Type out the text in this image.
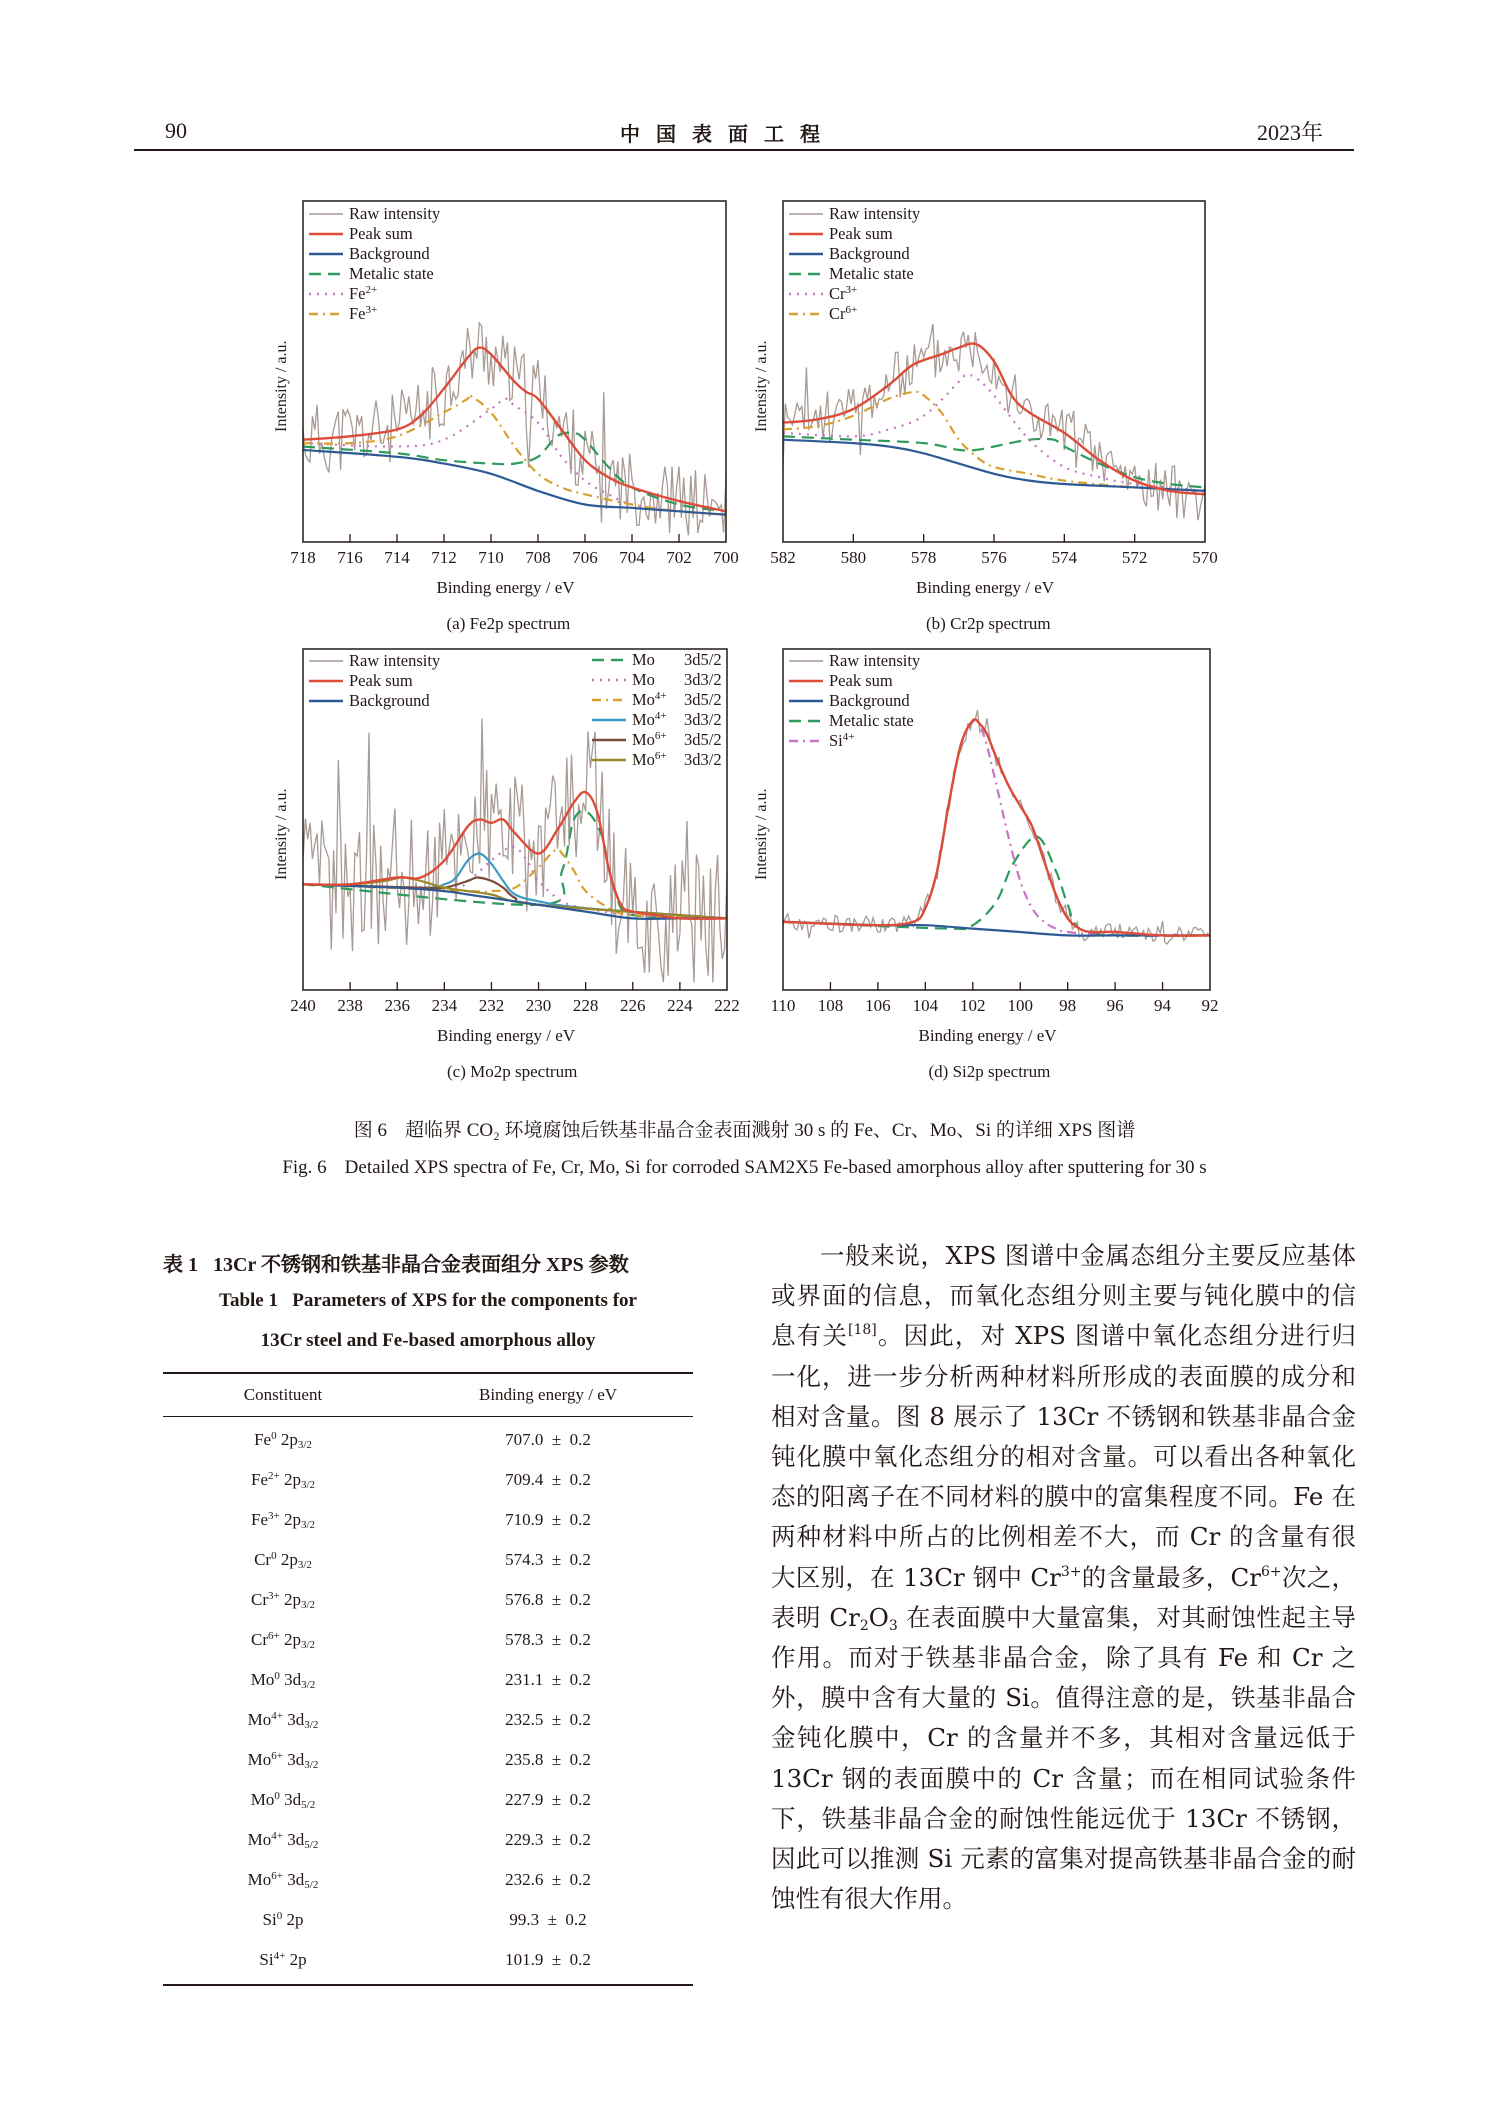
90	中国表面工程	2023年
718 716 714 712 710 708 706 704 702 700
Binding energy / eV
Intensity / a.u.
(a) Fe2p spectrum
Raw intensity
Peak sum
Background
Metalic state
$Fe^{2+}$
$Fe^{3+}$
582	580	578	576	574	572	570
Binding energy / eV
Intensity / a.u.
(b) Cr2p spectrum
Raw intensity
Peak sum
Background
Metalic state
$Cr^{3+}$
$Cr^{6+}$
240 238 236 234 232 230 228 226 224 222
Binding energy / eV
Intensity / a.u.
(c) Mo2p spectrum
Raw intensity
Peak sum
Background
Mo 3d5/2
Mo 3d3/2
$Mo^{4+}$ 3d5/2
$Mo^{4+}$ 3d3/2
$Mo^{6+}$ 3d5/2
$Mo^{6+}$ 3d3/2
110 108 106 104 102 100 98 96 94 92
Binding energy / eV
Intensity / a.u.
(d) Si2p spectrum
Raw intensity
Peak sum
Background
Metalic state
$Si^{4+}$
图 6 超临界 CO₂ 环境腐蚀后铁基非晶合金表面溅射 30 s 的 Fe、Cr、Mo、Si 的详细 XPS 图谱
Fig. 6 Detailed XPS spectra of Fe, Cr, Mo, Si for corroded SAM2X5 Fe-based amorphous alloy after sputtering for 30 s
表 1 13Cr 不锈钢和铁基非晶合金表面组分 XPS 参数
Table 1 Parameters of XPS for the components for
13Cr steel and Fe-based amorphous alloy
Constituent	Binding energy / eV
Fe$^0$ $2p_{3/2}$	707.0 ± 0.2
$Fe^{2+}$ $2p_{3/2}$	709.4 ± 0.2
$Fe^{3+}$ $2p_{3/2}$	710.9 ± 0.2
Cr$^0$ $2p_{3/2}$	574.3 ± 0.2
$Cr^{3+}$ $2p_{3/2}$	576.8 ± 0.2
$Cr^{6+}$ $2p_{3/2}$	578.3 ± 0.2
Mo$^0$ $3d_{3/2}$	231.1 ± 0.2
$Mo^{4+}$ $3d_{3/2}$	232.5 ± 0.2
$Mo^{6+}$ $3d_{3/2}$	235.8 ± 0.2
Mo$^0$ $3d_{5/2}$	227.9 ± 0.2
$Mo^{4+}$ $3d_{5/2}$	229.3 ± 0.2
$Mo^{6+}$ $3d_{5/2}$	232.6 ± 0.2
Si$^0$ 2p	99.3 ± 0.2
$Si^{4+}$ 2p	101.9 ± 0.2

一般来说，XPS 图谱中金属态组分主要反应基体或界面的信息，而氧化态组分则主要与钝化膜中的信息有关[18]。因此，对 XPS 图谱中氧化态组分进行归一化，进一步分析两种材料所形成的表面膜的成分和相对含量。图 8 展示了 13Cr 不锈钢和铁基非晶合金钝化膜中氧化态组分的相对含量。可以看出各种氧化态的阳离子在不同材料的膜中的富集程度不同。Fe 在两种材料中所占的比例相差不大，而 Cr 的含量有很大区别，在 13Cr 钢中 $Cr^{3+}$的含量最多，$Cr^{6+}$次之，表明 $Cr_2O_3$ 在表面膜中大量富集，对其耐蚀性起主导作用。而对于铁基非晶合金，除了具有 Fe 和 Cr 之外，膜中含有大量的 Si。值得注意的是，铁基非晶合金钝化膜中，Cr 的含量并不多，其相对含量远低于 13Cr 钢的表面膜中的 Cr 含量；而在相同试验条件下，铁基非晶合金的耐蚀性能远优于 13Cr 不锈钢，因此可以推测 Si 元素的富集对提高铁基非晶合金的耐蚀性有很大作用。
